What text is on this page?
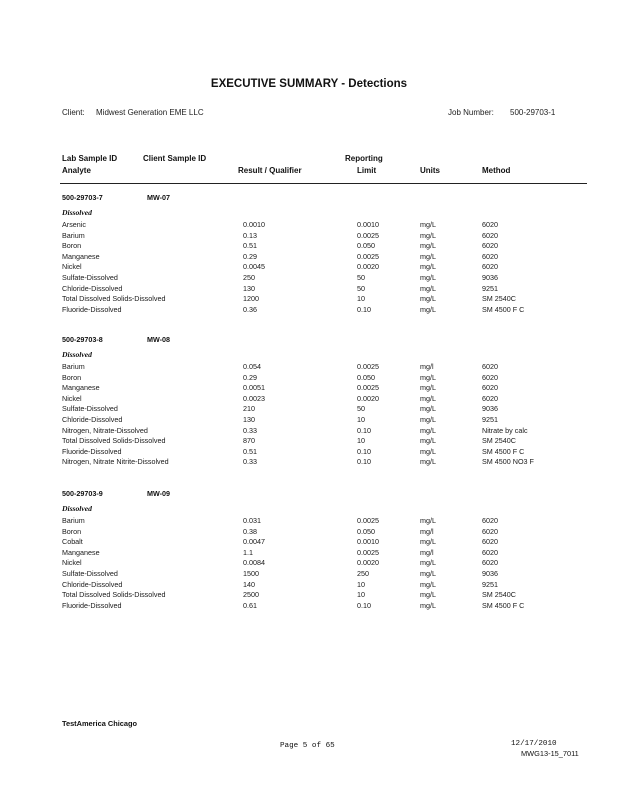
EXECUTIVE SUMMARY - Detections
Client: Midwest Generation EME LLC	Job Number: 500-29703-1
Lab Sample ID	Client Sample ID
Analyte	Result / Qualifier
Reporting
Limit	Units	Method
500-29703-7	MW-07
Dissolved
Arsenic	0.0010	0.0010	mg/L	6020
Barium	0.13	0.0025	mg/L	6020
Boron	0.51	0.050	mg/L	6020
Manganese	0.29	0.0025	mg/L	6020
Nickel	0.0045	0.0020	mg/L	6020
Sulfate-Dissolved	250	50	mg/L	9036
Chloride-Dissolved	130	50	mg/L	9251
Total Dissolved Solids-Dissolved	1200	10	mg/L	SM 2540C
Fluoride-Dissolved	0.36	0.10	mg/L	SM 4500 F C
500-29703-8	MW-08
Dissolved
Barium	0.054	0.0025	mg/l	6020
Boron	0.29	0.050	mg/L	6020
Manganese	0.0051	0.0025	mg/L	6020
Nickel	0.0023	0.0020	mg/L	6020
Sulfate-Dissolved	210	50	mg/L	9036
Chloride-Dissolved	130	10	mg/L	9251
Nitrogen, Nitrate-Dissolved	0.33	0.10	mg/L	Nitrate by calc
Total Dissolved Solids-Dissolved	870	10	mg/L	SM 2540C
Fluoride-Dissolved	0.51	0.10	mg/L	SM 4500 F C
Nitrogen, Nitrate Nitrite-Dissolved	0.33	0.10	mg/L	SM 4500 NO3 F
500-29703-9	MW-09
Dissolved
Barium	0.031	0.0025	mg/L	6020
Boron	0.38	0.050	mg/l	6020
Cobalt	0.0047	0.0010	mg/L	6020
Manganese	1.1	0.0025	mg/l	6020
Nickel	0.0084	0.0020	mg/L	6020
Sulfate-Dissolved	1500	250	mg/L	9036
Chloride-Dissolved	140	10	mg/L	9251
Total Dissolved Solids-Dissolved	2500	10	mg/L	SM 2540C
Fluoride-Dissolved	0.61	0.10	mg/L	SM 4500 F C
TestAmerica Chicago
Page 5 of 65	12/17/2010
MWG13-15_7011
